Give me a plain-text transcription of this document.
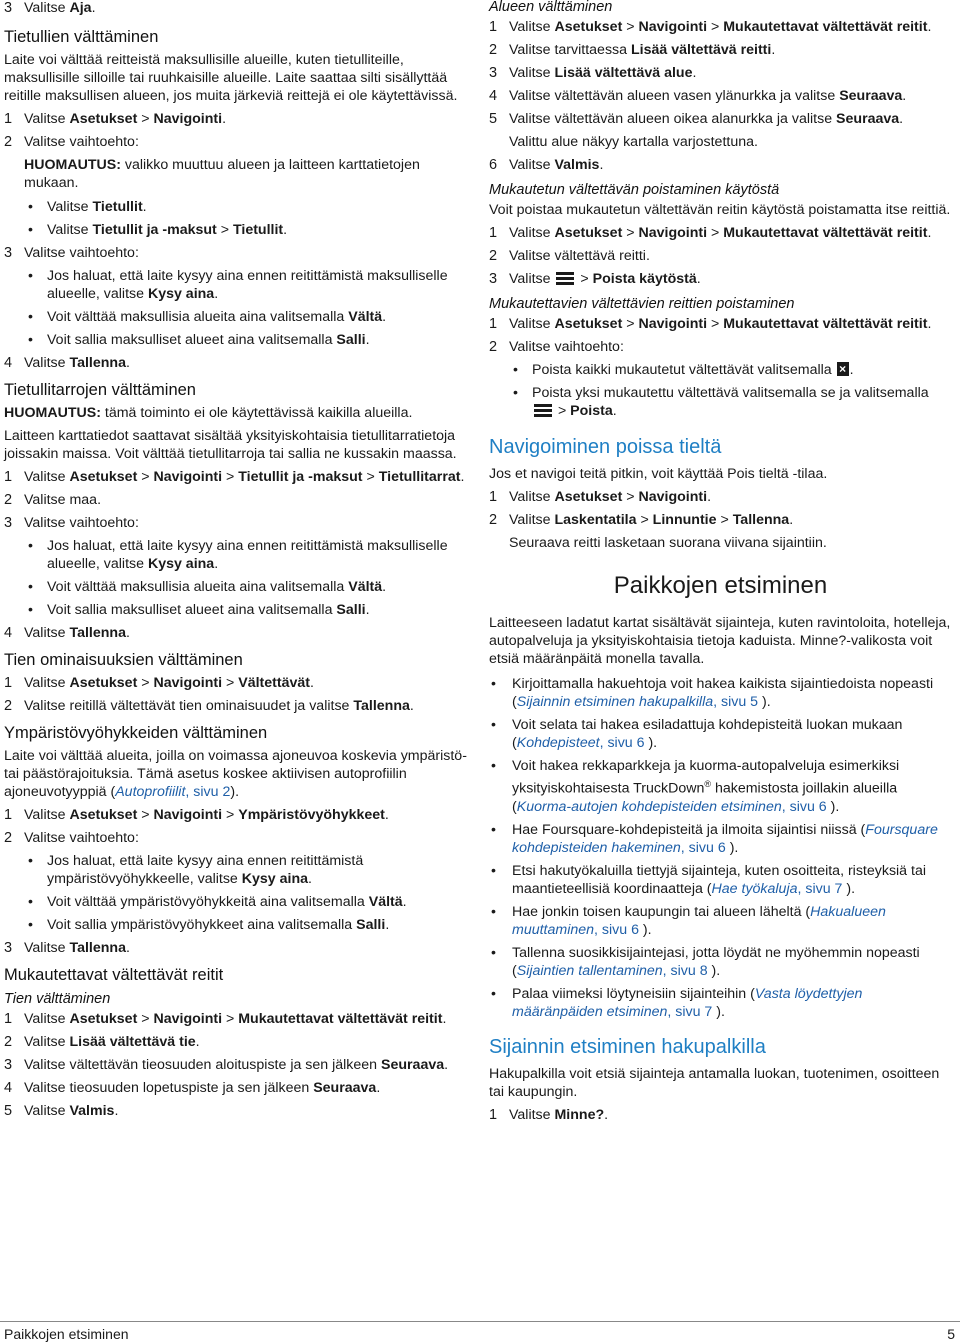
3 Valitse Aja.
Tietullien välttäminen

Laite voi välttää reitteistä maksullisille alueille, kuten tietulliteille, maksullisille silloille tai ruuhkaisille alueille. Laite saattaa silti sisällyttää reitille maksullisen alueen, jos muita järkeviä reittejä ei ole käytettävissä.

1 Valitse Asetukset > Navigointi.
2 Valitse vaihtoehto:
HUOMAUTUS: valikko muuttuu alueen ja laitteen karttatietojen mukaan.
• Valitse Tietullit.
• Valitse Tietullit ja -maksut > Tietullit.
3 Valitse vaihtoehto:
• Jos haluat, että laite kysyy aina ennen reitittämistä maksulliselle alueelle, valitse Kysy aina.
• Voit välttää maksullisia alueita aina valitsemalla Vältä.
• Voit sallia maksulliset alueet aina valitsemalla Salli.
4 Valitse Tallenna.
Tietullitarrojen välttäminen

HUOMAUTUS: tämä toiminto ei ole käytettävissä kaikilla alueilla.

Laitteen karttatiedot saattavat sisältää yksityiskohtaisia tietullitarratietoja joissakin maissa. Voit välttää tietullitarroja tai sallia ne kussakin maassa.

1 Valitse Asetukset > Navigointi > Tietullit ja -maksut > Tietullitarrat.
2 Valitse maa.
3 Valitse vaihtoehto:
• Jos haluat, että laite kysyy aina ennen reitittämistä maksulliselle alueelle, valitse Kysy aina.
• Voit välttää maksullisia alueita aina valitsemalla Vältä.
• Voit sallia maksulliset alueet aina valitsemalla Salli.
4 Valitse Tallenna.
Tien ominaisuuksien välttäminen
1 Valitse Asetukset > Navigointi > Vältettävät.
2 Valitse reitillä vältettävät tien ominaisuudet ja valitse Tallenna.
Ympäristövyöhykkeiden välttäminen

Laite voi välttää alueita, joilla on voimassa ajoneuvoa koskevia ympäristö- tai päästörajoituksia. Tämä asetus koskee aktiivisen autoprofiilin ajoneuvotyyppiä (Autoprofiilit, sivu 2).

1 Valitse Asetukset > Navigointi > Ympäristövyöhykkeet.
2 Valitse vaihtoehto:
• Jos haluat, että laite kysyy aina ennen reitittämistä ympäristövyöhykkeelle, valitse Kysy aina.
• Voit välttää ympäristövyöhykkeitä aina valitsemalla Vältä.
• Voit sallia ympäristövyöhykkeet aina valitsemalla Salli.
3 Valitse Tallenna.
Mukautettavat vältettävät reitit
Tien välttäminen
1 Valitse Asetukset > Navigointi > Mukautettavat vältettävät reitit.
2 Valitse Lisää vältettävä tie.
3 Valitse vältettävän tieosuuden aloituspiste ja sen jälkeen Seuraava.
4 Valitse tieosuuden lopetuspiste ja sen jälkeen Seuraava.
5 Valitse Valmis.
Alueen välttäminen
1 Valitse Asetukset > Navigointi > Mukautettavat vältettävät reitit.
2 Valitse tarvittaessa Lisää vältettävä reitti.
3 Valitse Lisää vältettävä alue.
4 Valitse vältettävän alueen vasen ylänurkka ja valitse Seuraava.
5 Valitse vältettävän alueen oikea alanurkka ja valitse Seuraava.
Valittu alue näkyy kartalla varjostettuna.
6 Valitse Valmis.
Mukautetun vältettävän poistaminen käytöstä

Voit poistaa mukautetun vältettävän reitin käytöstä poistamatta itse reittiä.

1 Valitse Asetukset > Navigointi > Mukautettavat vältettävät reitit.
2 Valitse vältettävä reitti.
3 Valitse
> Poista käytöstä.
Mukautettavien vältettävien reittien poistaminen
1 Valitse Asetukset > Navigointi > Mukautettavat vältettävät reitit.
2 Valitse vaihtoehto:
• Poista kaikki mukautetut vältettävät valitsemalla ×.
• Poista yksi mukautettu vältettävä valitsemalla se ja valitsemalla
> Poista.
Navigoiminen poissa tieltä

Jos et navigoi teitä pitkin, voit käyttää Pois tieltä -tilaa.

1 Valitse Asetukset > Navigointi.
2 Valitse Laskentatila > Linnuntie > Tallenna.
Seuraava reitti lasketaan suorana viivana sijaintiin.
Paikkojen etsiminen

Laitteeseen ladatut kartat sisältävät sijainteja, kuten ravintoloita, hotelleja, autopalveluja ja yksityiskohtaisia tietoja kaduista. Minne?-valikosta voit etsiä määränpäitä monella tavalla.

• Kirjoittamalla hakuehtoja voit hakea kaikista sijaintiedoista nopeasti (Sijainnin etsiminen hakupalkilla, sivu 5 ).
• Voit selata tai hakea esiladattuja kohdepisteitä luokan mukaan (Kohdepisteet, sivu 6 ).
• Voit hakea rekkaparkkeja ja kuorma-autopalveluja esimerkiksi yksityiskohtaisesta TruckDown® hakemistosta joillakin alueilla (Kuorma-autojen kohdepisteiden etsiminen, sivu 6 ).
• Hae Foursquare-kohdepisteitä ja ilmoita sijaintisi niissä (Foursquare kohdepisteiden hakeminen, sivu 6 ).
• Etsi hakutyökaluilla tiettyjä sijainteja, kuten osoitteita, risteyksiä tai maantieteellisiä koordinaatteja (Hae työkaluja, sivu 7 ).
• Hae jonkin toisen kaupungin tai alueen läheltä (Hakualueen muuttaminen, sivu 6 ).
• Tallenna suosikkisijaintejasi, jotta löydät ne myöhemmin nopeasti (Sijaintien tallentaminen, sivu 8 ).
• Palaa viimeksi löytyneisiin sijainteihin (Vasta löydettyjen määränpäiden etsiminen, sivu 7 ).
Sijainnin etsiminen hakupalkilla

Hakupalkilla voit etsiä sijainteja antamalla luokan, tuotenimen, osoitteen tai kaupungin.

1 Valitse Minne?.
Paikkojen etsiminen	5
